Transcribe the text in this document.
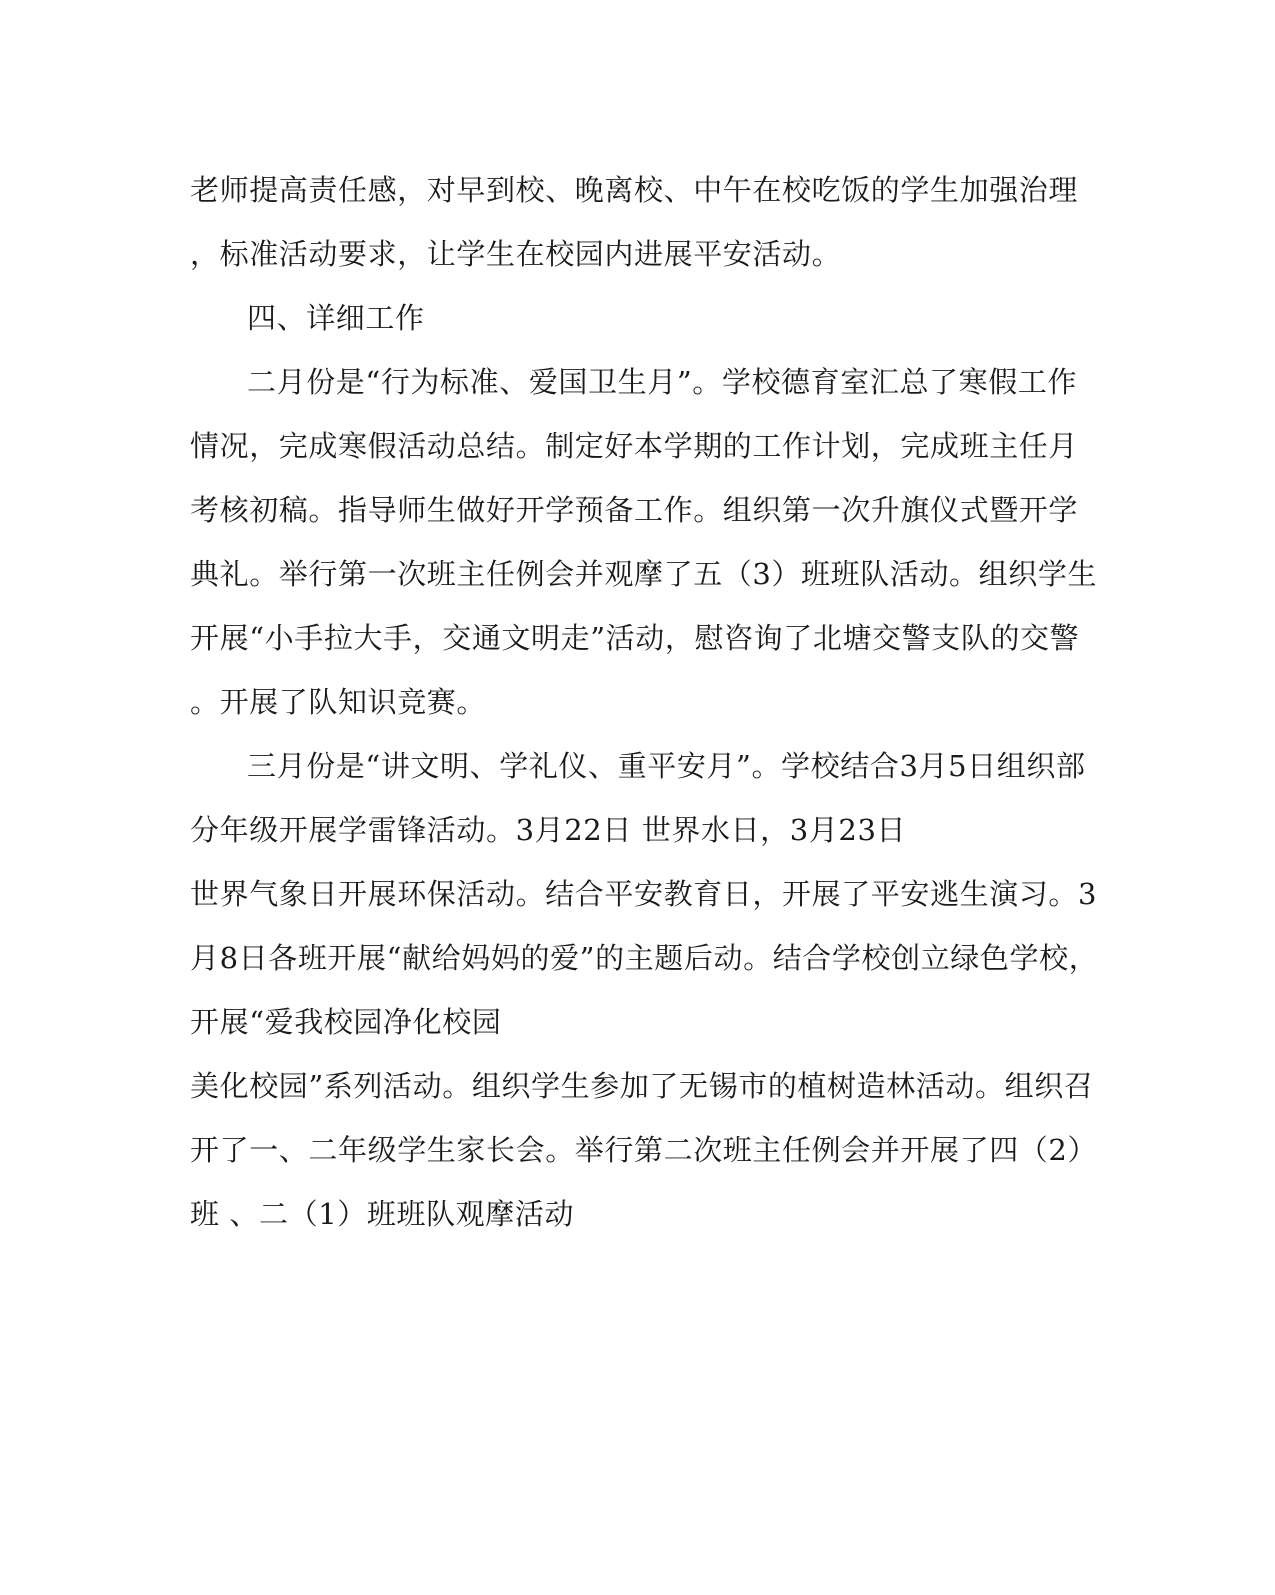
老师提高责任感，对早到校、晚离校、中午在校吃饭的学生加强治理
，标准活动要求，让学生在校园内进展平安活动。
四、详细工作
二月份是“行为标准、爱国卫生月”。学校德育室汇总了寒假工作
情况，完成寒假活动总结。制定好本学期的工作计划，完成班主任月
考核初稿。指导师生做好开学预备工作。组织第一次升旗仪式暨开学
典礼。举行第一次班主任例会并观摩了五（3）班班队活动。组织学生
开展“小手拉大手，交通文明走”活动，慰咨询了北塘交警支队的交警
。开展了队知识竞赛。
三月份是“讲文明、学礼仪、重平安月”。学校结合3月5日组织部
分年级开展学雷锋活动。3月22日 世界水日，3月23日
世界气象日开展环保活动。结合平安教育日，开展了平安逃生演习。3
月8日各班开展“献给妈妈的爱”的主题后动。结合学校创立绿色学校，
开展“爱我校园净化校园
美化校园”系列活动。组织学生参加了无锡市的植树造林活动。组织召
开了一、二年级学生家长会。举行第二次班主任例会并开展了四（2）
班 、二（1）班班队观摩活动
